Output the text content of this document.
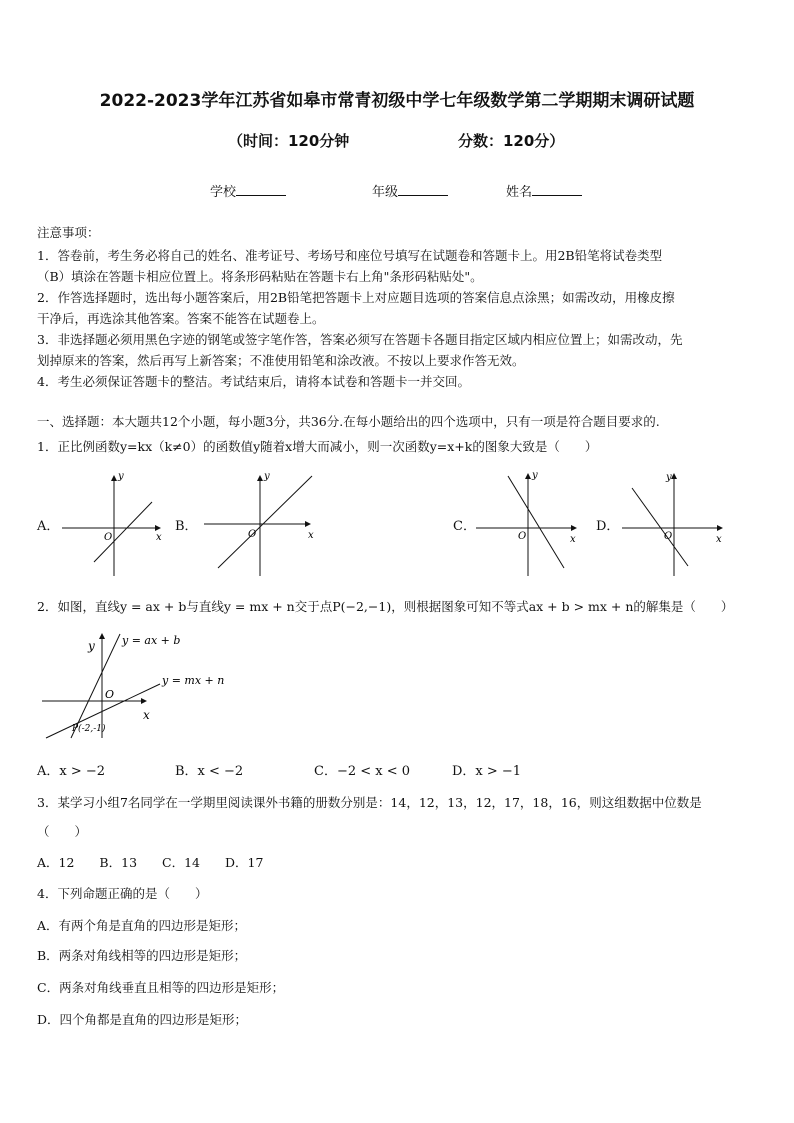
2022-2023学年江苏省如皋市常青初级中学七年级数学第二学期期末调研试题
（时间：120分钟	分数：120分）
学校	年级	姓名
注意事项：
1．答卷前，考生务必将自己的姓名、准考证号、考场号和座位号填写在试题卷和答题卡上。用2B铅笔将试卷类型
（B）填涂在答题卡相应位置上。将条形码粘贴在答题卡右上角"条形码粘贴处"。
2．作答选择题时，选出每小题答案后，用2B铅笔把答题卡上对应题目选项的答案信息点涂黑；如需改动，用橡皮擦
干净后，再选涂其他答案。答案不能答在试题卷上。
3．非选择题必须用黑色字迹的钢笔或签字笔作答，答案必须写在答题卡各题目指定区域内相应位置上；如需改动，先
划掉原来的答案，然后再写上新答案；不准使用铅笔和涂改液。不按以上要求作答无效。
4．考生必须保证答题卡的整洁。考试结束后，请将本试卷和答题卡一并交回。
一、选择题：本大题共12个小题，每小题3分，共36分.在每小题给出的四个选项中，只有一项是符合题目要求的.
1．正比例函数y=kx（k≠0）的函数值y随着x增大而减小，则一次函数y=x+k的图象大致是（　　）
A．	B．	C．	D．
y
x
O
y
x
O
y
x
O
y
x
O
2．如图，直线y = ax + b与直线y = mx + n交于点P(−2,−1)，则根据图象可知不等式ax + b > mx + n的解集是（　　）
y
x
O
y = ax + b
y = mx + n
P(-2,-1)
A．x > −2	B．x < −2	C．−2 < x < 0	D．x > −1
3．某学习小组7名同学在一学期里阅读课外书籍的册数分别是：14，12，13，12，17，18，16，则这组数据中位数是
（　　）
A．12　　B．13　　C．14　　D．17
4．下列命题正确的是（　　）
A．有两个角是直角的四边形是矩形；
B．两条对角线相等的四边形是矩形；
C．两条对角线垂直且相等的四边形是矩形；
D．四个角都是直角的四边形是矩形；
